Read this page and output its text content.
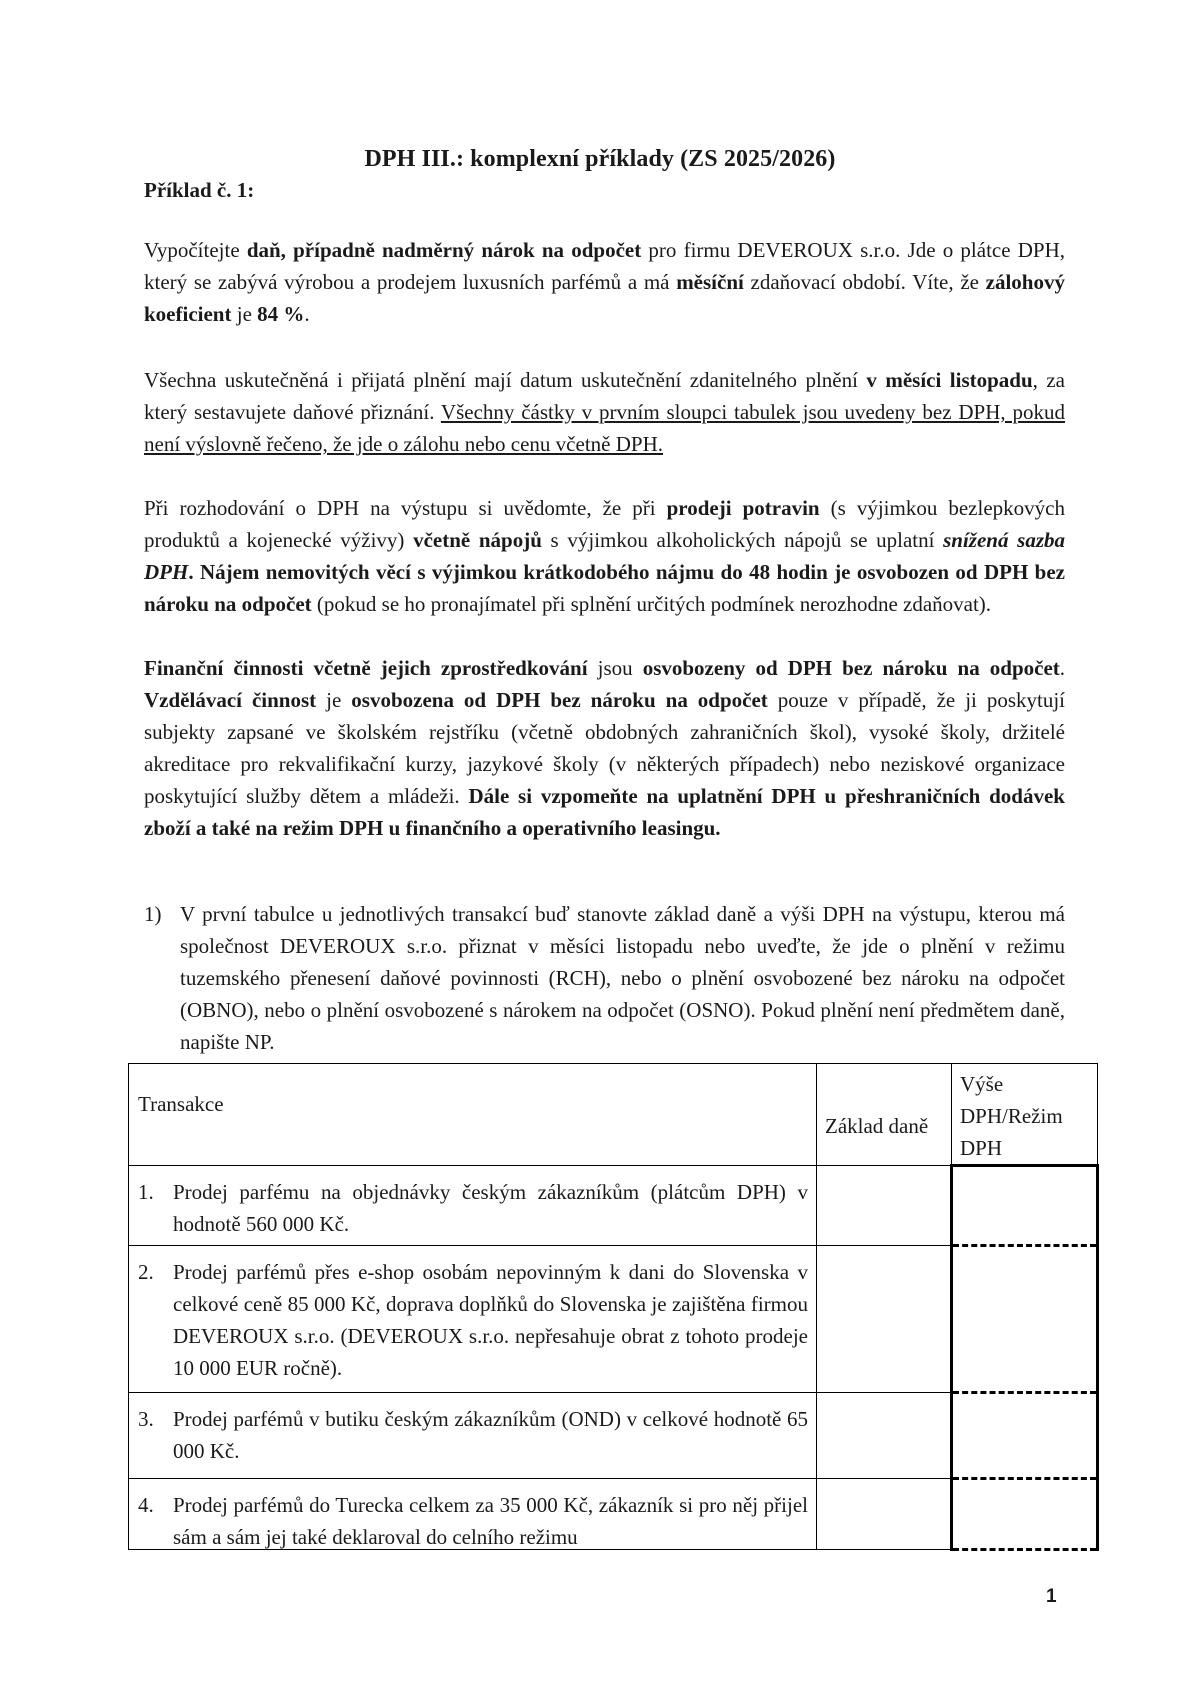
DPH III.: komplexní příklady (ZS 2025/2026)
Příklad č. 1:

Vypočítejte daň, případně nadměrný nárok na odpočet pro firmu DEVEROUX s.r.o. Jde o plátce DPH, který se zabývá výrobou a prodejem luxusních parfémů a má měsíční zdaňovací období. Víte, že zálohový koeficient je 84 %.

Všechna uskutečněná i přijatá plnění mají datum uskutečnění zdanitelného plnění v měsíci listopadu, za který sestavujete daňové přiznání. Všechny částky v prvním sloupci tabulek jsou uvedeny bez DPH, pokud není výslovně řečeno, že jde o zálohu nebo cenu včetně DPH.

Při rozhodování o DPH na výstupu si uvědomte, že při prodeji potravin (s výjimkou bezlepkových produktů a kojenecké výživy) včetně nápojů s výjimkou alkoholických nápojů se uplatní snížená sazba DPH. Nájem nemovitých věcí s výjimkou krátkodobého nájmu do 48 hodin je osvobozen od DPH bez nároku na odpočet (pokud se ho pronajímatel při splnění určitých podmínek nerozhodne zdaňovat).

Finanční činnosti včetně jejich zprostředkování jsou osvobozeny od DPH bez nároku na odpočet. Vzdělávací činnost je osvobozena od DPH bez nároku na odpočet pouze v případě, že ji poskytují subjekty zapsané ve školském rejstříku (včetně obdobných zahraničních škol), vysoké školy, držitelé akreditace pro rekvalifikační kurzy, jazykové školy (v některých případech) nebo neziskové organizace poskytující služby dětem a mládeži. Dále si vzpomeňte na uplatnění DPH u přeshraničních dodávek zboží a také na režim DPH u finančního a operativního leasingu.

1) V první tabulce u jednotlivých transakcí buď stanovte základ daně a výši DPH na výstupu, kterou má společnost DEVEROUX s.r.o. přiznat v měsíci listopadu nebo uveďte, že jde o plnění v režimu tuzemského přenesení daňové povinnosti (RCH), nebo o plnění osvobozené bez nároku na odpočet (OBNO), nebo o plnění osvobozené s nárokem na odpočet (OSNO). Pokud plnění není předmětem daně, napište NP.
Transakce	Základ daně	Výše DPH/Režim DPH

1. Prodej parfému na objednávky českým zákazníkům (plátcům DPH) v hodnotě 560 000 Kč.		

2. Prodej parfémů přes e-shop osobám nepovinným k dani do Slovenska v celkové ceně 85 000 Kč, doprava doplňků do Slovenska je zajištěna firmou DEVEROUX s.r.o. (DEVEROUX s.r.o. nepřesahuje obrat z tohoto prodeje 10 000 EUR ročně).		

3. Prodej parfémů v butiku českým zákazníkům (OND) v celkové hodnotě 65 000 Kč.		

4. Prodej parfémů do Turecka celkem za 35 000 Kč, zákazník si pro něj přijel sám a sám jej také deklaroval do celního režimu		

1
